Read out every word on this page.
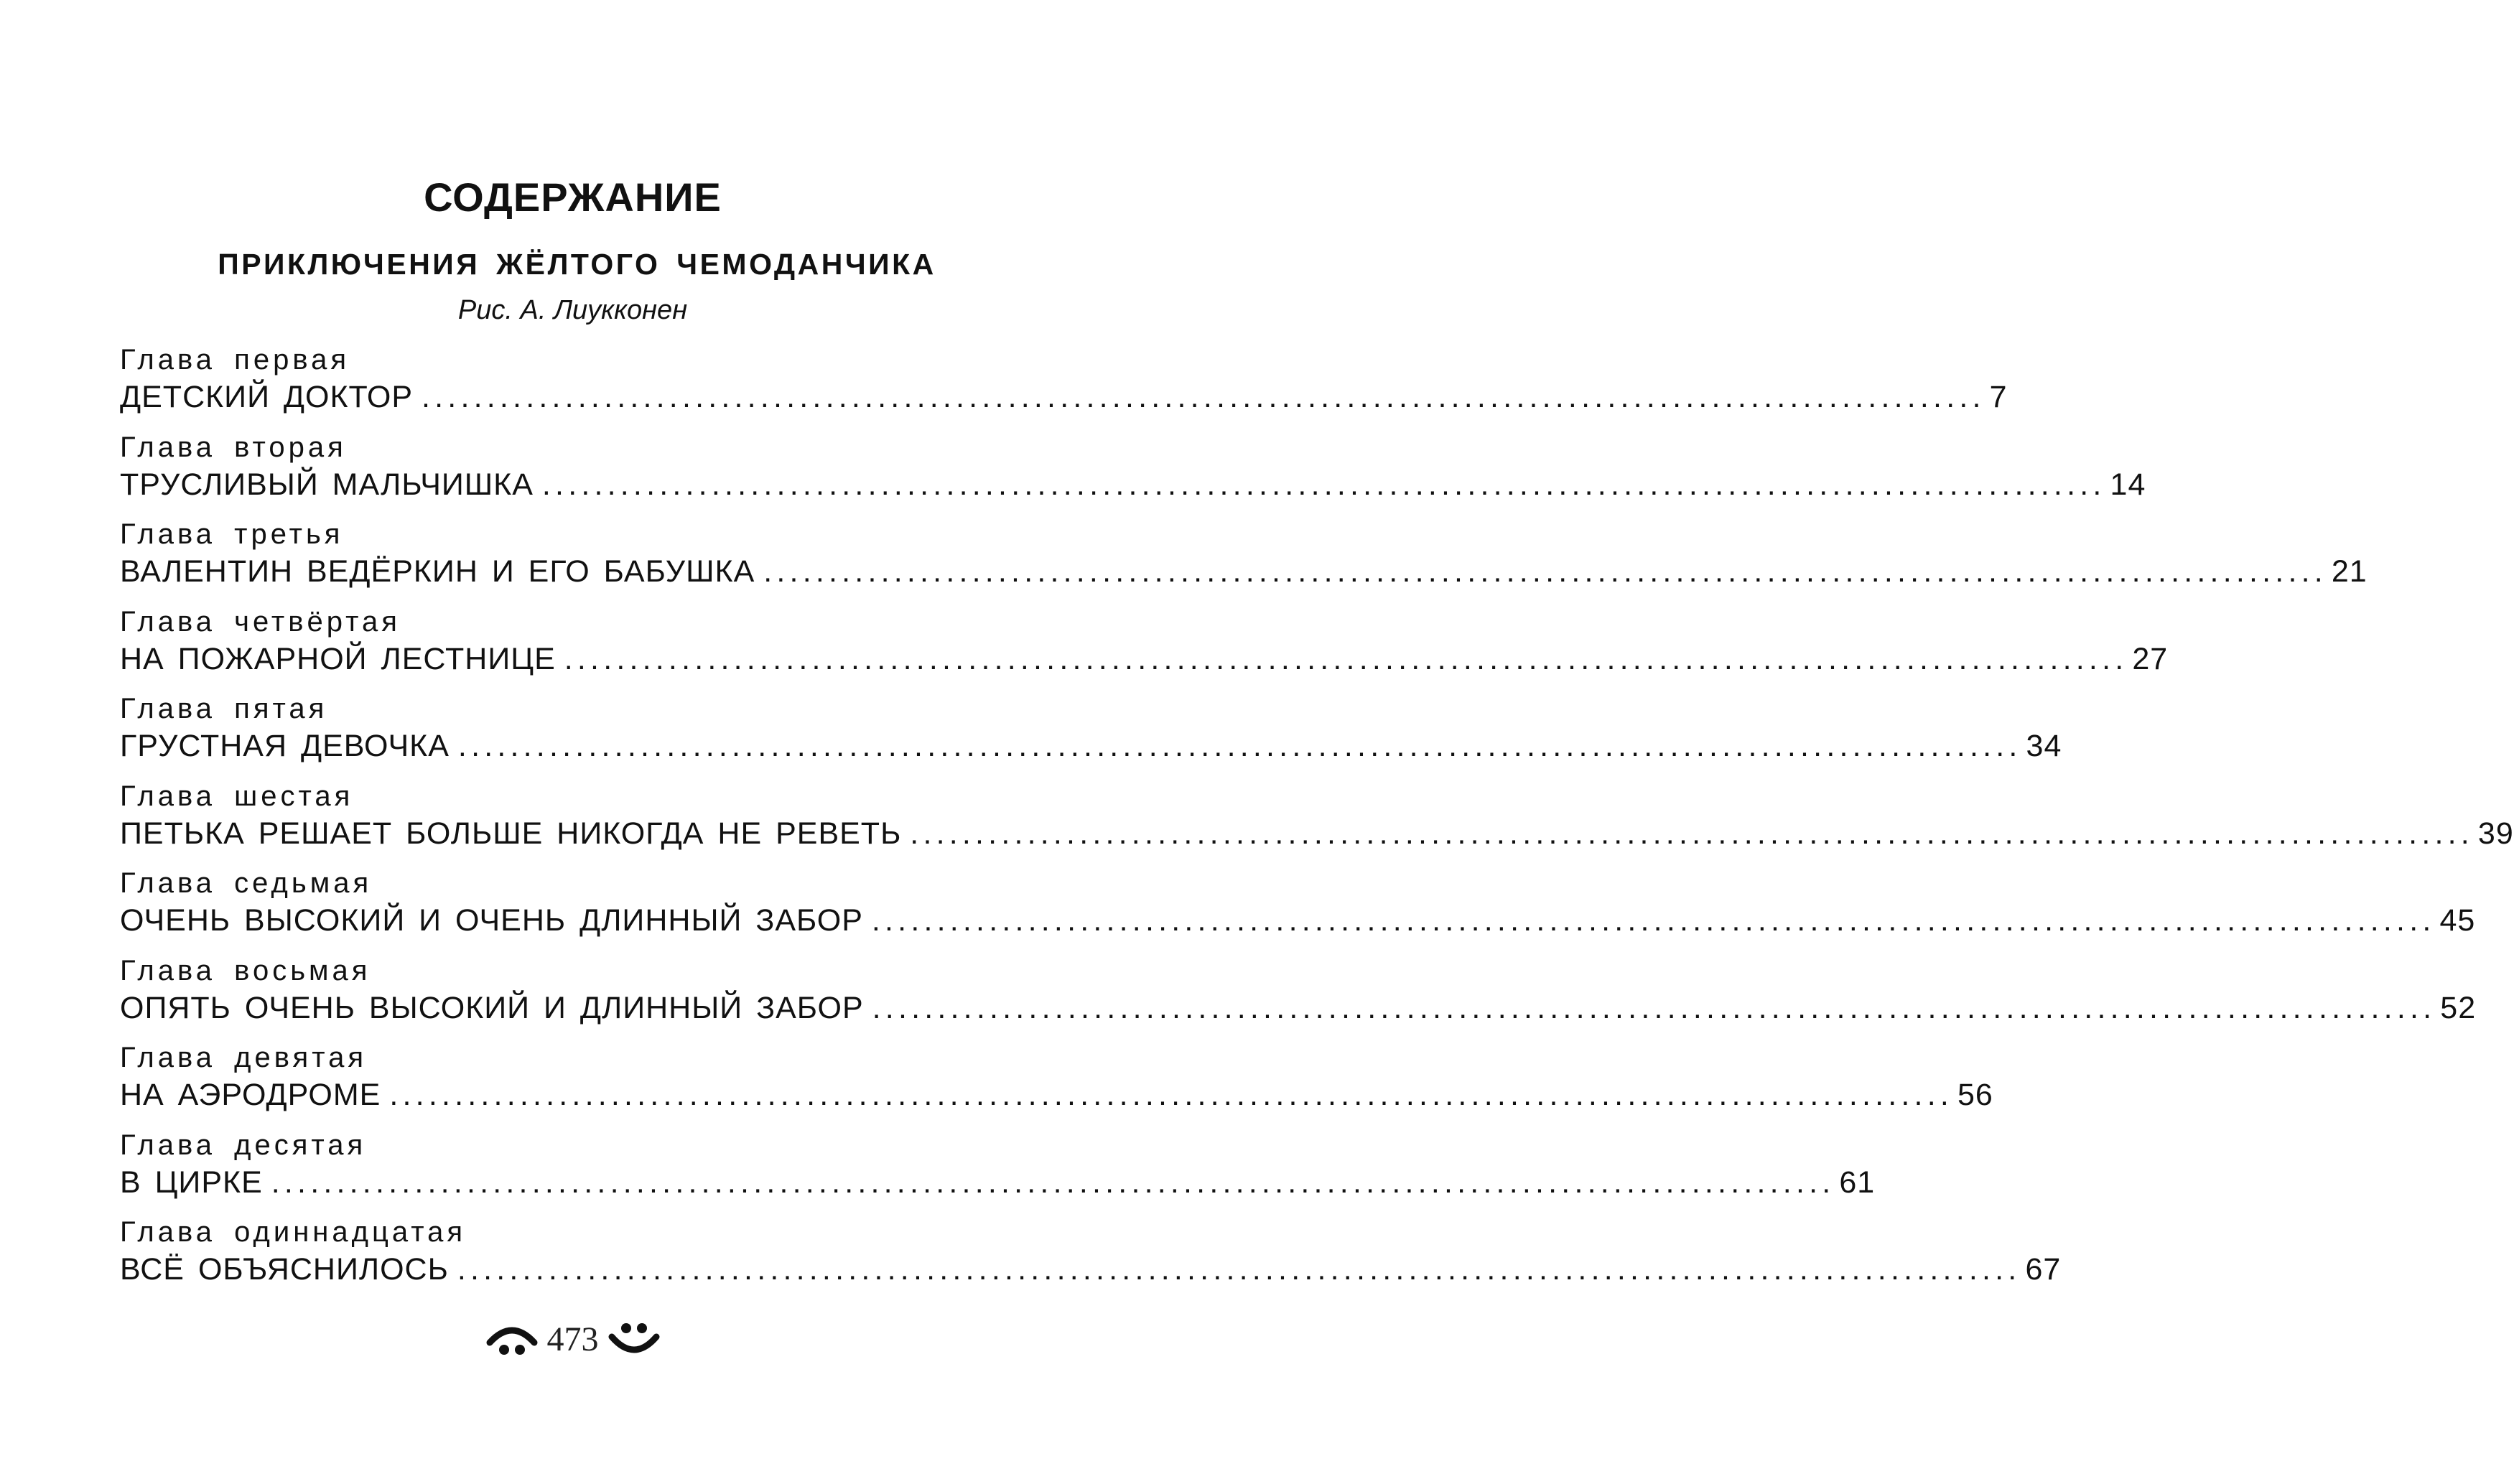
СОДЕРЖАНИЕ
ПРИКЛЮЧЕНИЯ ЖЁЛТОГО ЧЕМОДАНЧИКА
Рис. А. Лиукконен
Глава первая
ДЕТСКИЙ ДОКТОР ........................................................................................................................ 7
Глава вторая
ТРУСЛИВЫЙ МАЛЬЧИШКА ........................................................................................................................ 14
Глава третья
ВАЛЕНТИН ВЕДЁРКИН И ЕГО БАБУШКА ........................................................................................................................ 21
Глава четвёртая
НА ПОЖАРНОЙ ЛЕСТНИЦЕ ........................................................................................................................ 27
Глава пятая
ГРУСТНАЯ ДЕВОЧКА ........................................................................................................................ 34
Глава шестая
ПЕТЬКА РЕШАЕТ БОЛЬШЕ НИКОГДА НЕ РЕВЕТЬ ........................................................................................................................ 39
Глава седьмая
ОЧЕНЬ ВЫСОКИЙ И ОЧЕНЬ ДЛИННЫЙ ЗАБОР ........................................................................................................................ 45
Глава восьмая
ОПЯТЬ ОЧЕНЬ ВЫСОКИЙ И ДЛИННЫЙ ЗАБОР ........................................................................................................................ 52
Глава девятая
НА АЭРОДРОМЕ ........................................................................................................................ 56
Глава десятая
В ЦИРКЕ ........................................................................................................................ 61
Глава одиннадцатая
ВСЁ ОБЪЯСНИЛОСЬ ........................................................................................................................ 67
473
